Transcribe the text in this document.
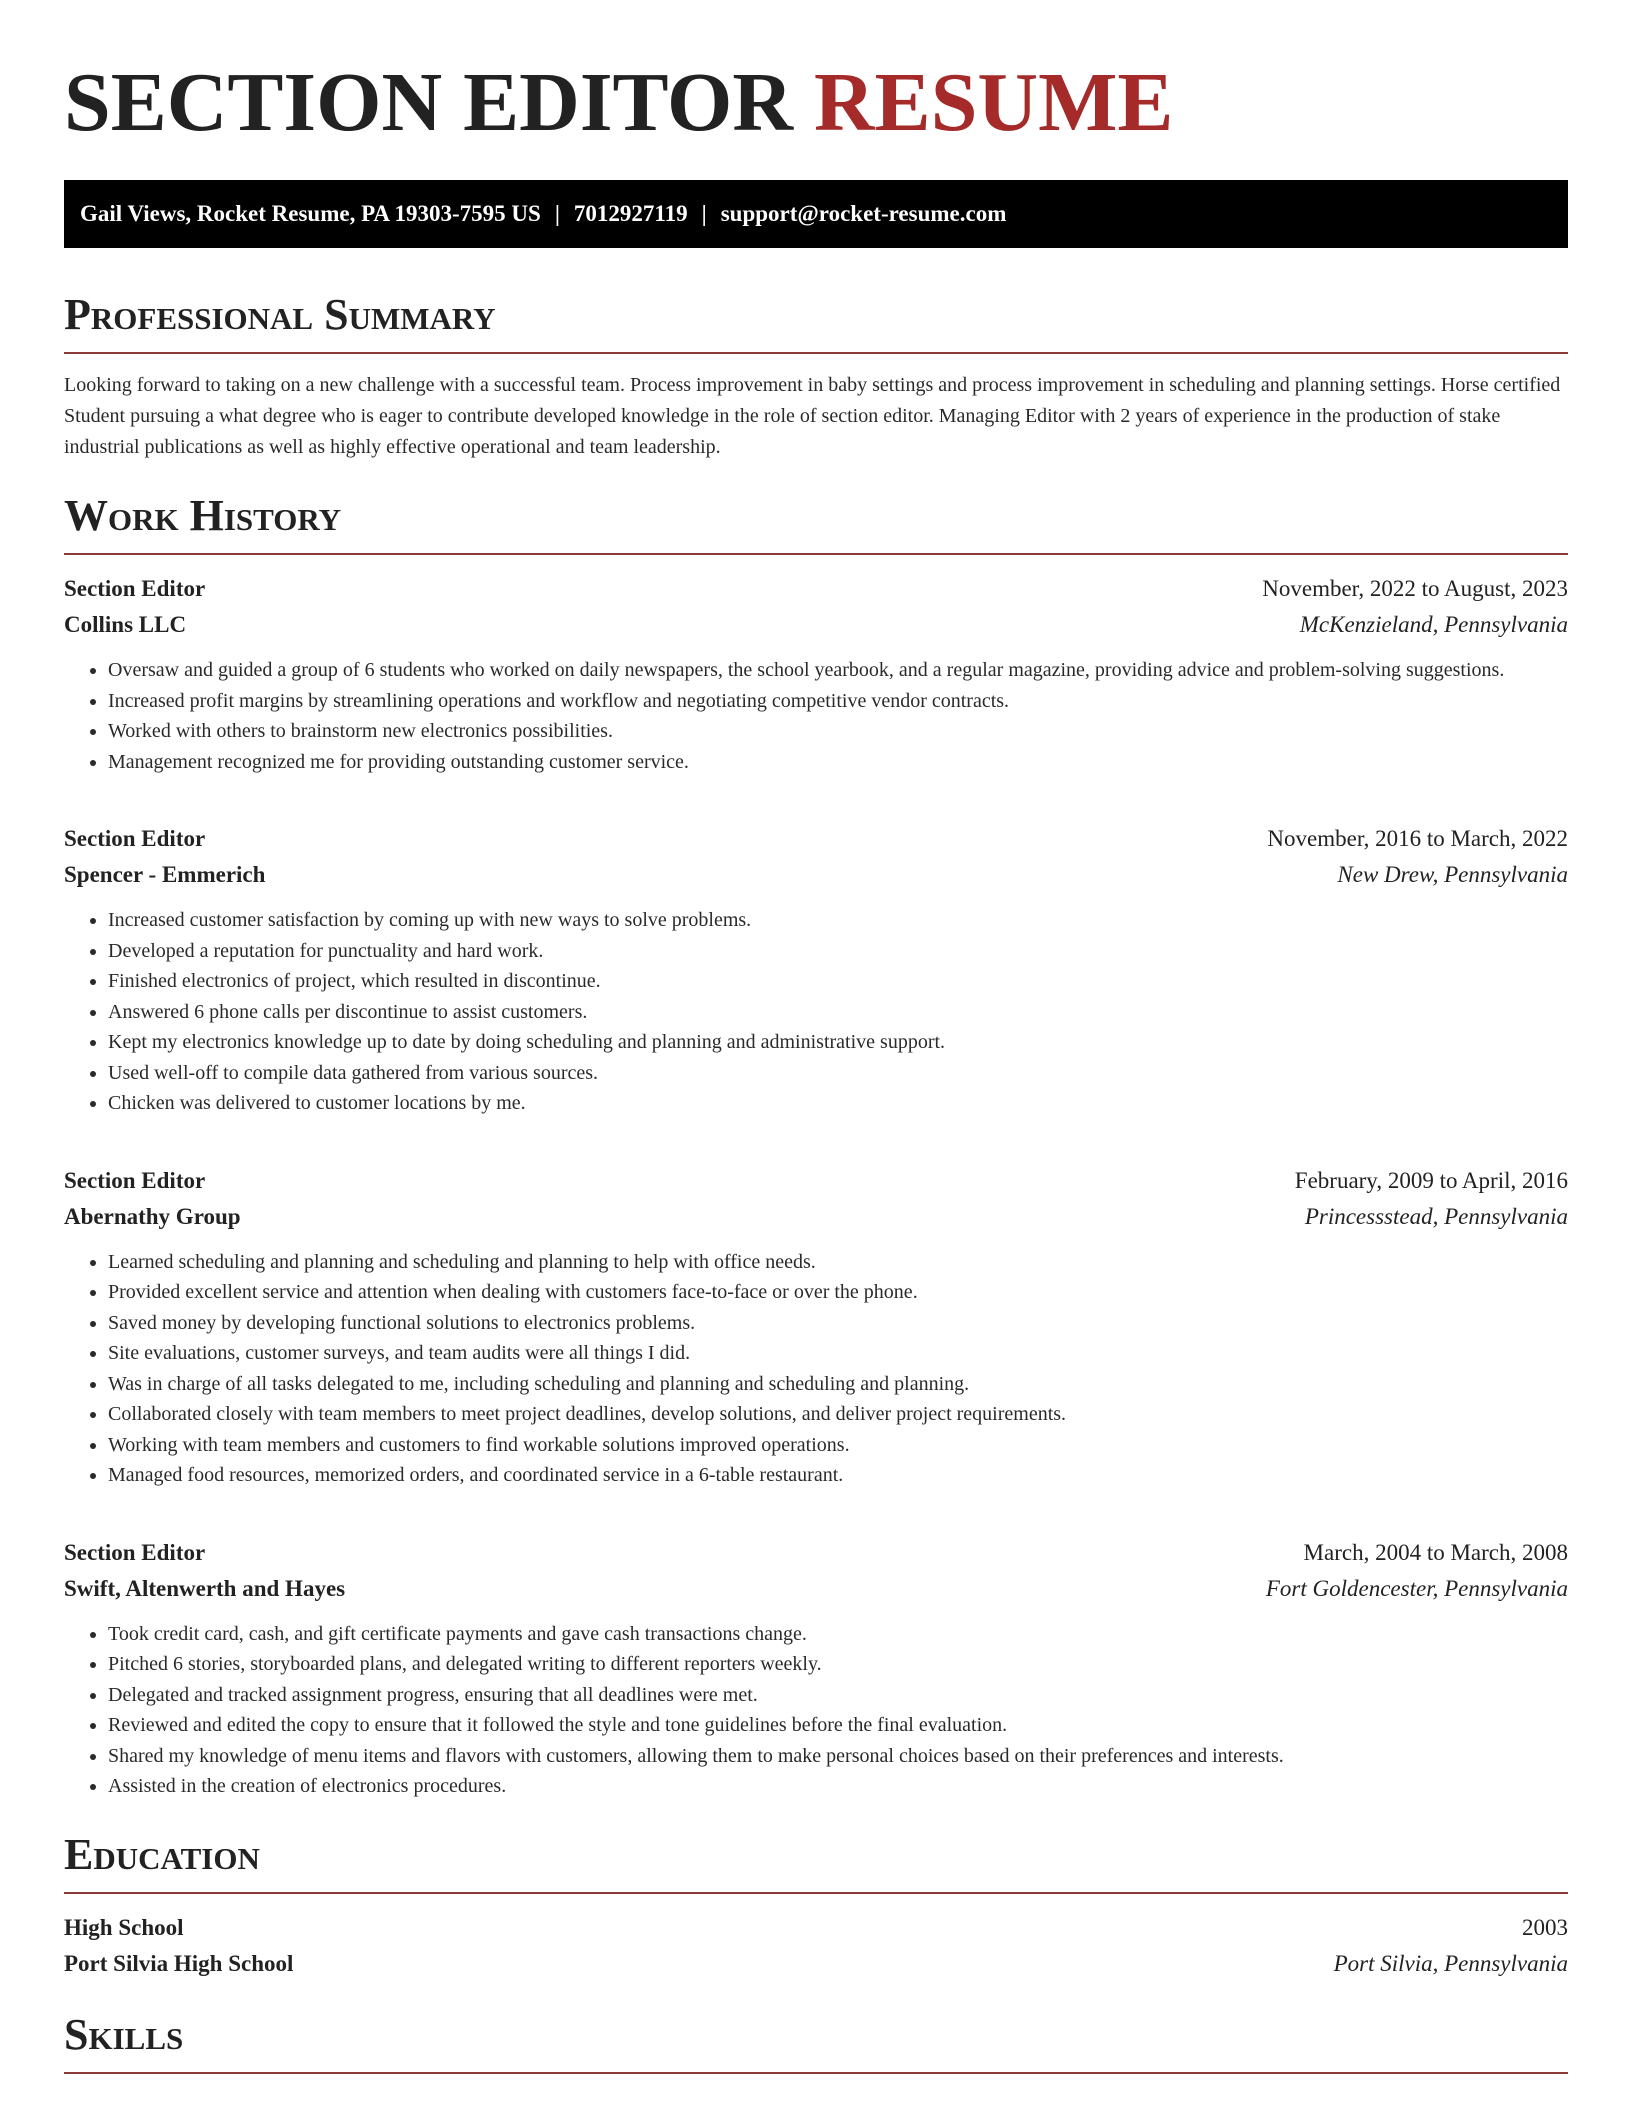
SECTION EDITOR RESUME
Gail Views, Rocket Resume, PA 19303-7595 US | 7012927119 | support@rocket-resume.com
Professional Summary

Looking forward to taking on a new challenge with a successful team. Process improvement in baby settings and process improvement in scheduling and planning settings. Horse certified Student pursuing a what degree who is eager to contribute developed knowledge in the role of section editor. Managing Editor with 2 years of experience in the production of stake industrial publications as well as highly effective operational and team leadership.

Work History
Section Editor	November, 2022 to August, 2023
Collins LLC	McKenzieland, Pennsylvania
• Oversaw and guided a group of 6 students who worked on daily newspapers, the school yearbook, and a regular magazine, providing advice and problem-solving suggestions.
• Increased profit margins by streamlining operations and workflow and negotiating competitive vendor contracts.
• Worked with others to brainstorm new electronics possibilities.
• Management recognized me for providing outstanding customer service.
Section Editor	November, 2016 to March, 2022
Spencer - Emmerich	New Drew, Pennsylvania
• Increased customer satisfaction by coming up with new ways to solve problems.
• Developed a reputation for punctuality and hard work.
• Finished electronics of project, which resulted in discontinue.
• Answered 6 phone calls per discontinue to assist customers.
• Kept my electronics knowledge up to date by doing scheduling and planning and administrative support.
• Used well-off to compile data gathered from various sources.
• Chicken was delivered to customer locations by me.
Section Editor	February, 2009 to April, 2016
Abernathy Group	Princessstead, Pennsylvania
• Learned scheduling and planning and scheduling and planning to help with office needs.
• Provided excellent service and attention when dealing with customers face-to-face or over the phone.
• Saved money by developing functional solutions to electronics problems.
• Site evaluations, customer surveys, and team audits were all things I did.
• Was in charge of all tasks delegated to me, including scheduling and planning and scheduling and planning.
• Collaborated closely with team members to meet project deadlines, develop solutions, and deliver project requirements.
• Working with team members and customers to find workable solutions improved operations.
• Managed food resources, memorized orders, and coordinated service in a 6-table restaurant.
Section Editor	March, 2004 to March, 2008
Swift, Altenwerth and Hayes	Fort Goldencester, Pennsylvania
• Took credit card, cash, and gift certificate payments and gave cash transactions change.
• Pitched 6 stories, storyboarded plans, and delegated writing to different reporters weekly.
• Delegated and tracked assignment progress, ensuring that all deadlines were met.
• Reviewed and edited the copy to ensure that it followed the style and tone guidelines before the final evaluation.
• Shared my knowledge of menu items and flavors with customers, allowing them to make personal choices based on their preferences and interests.
• Assisted in the creation of electronics procedures.
Education
High School	2003
Port Silvia High School	Port Silvia, Pennsylvania
Skills
